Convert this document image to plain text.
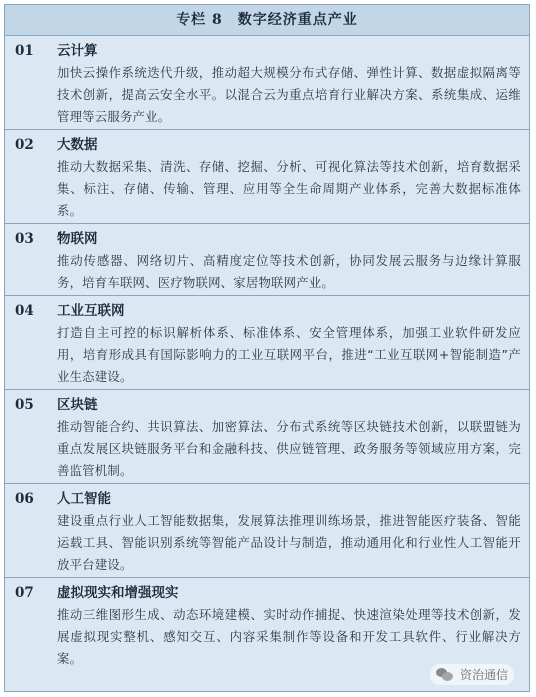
专栏 8　数字经济重点产业
01 云计算
加快云操作系统迭代升级，推动超大规模分布式存储、弹性计算、数据虚拟隔离等技术创新，提高云安全水平。以混合云为重点培育行业解决方案、系统集成、运维管理等云服务产业。
02 大数据
推动大数据采集、清洗、存储、挖掘、分析、可视化算法等技术创新，培育数据采集、标注、存储、传输、管理、应用等全生命周期产业体系，完善大数据标准体系。
03 物联网
推动传感器、网络切片、高精度定位等技术创新，协同发展云服务与边缘计算服务，培育车联网、医疗物联网、家居物联网产业。
04 工业互联网
打造自主可控的标识解析体系、标准体系、安全管理体系，加强工业软件研发应用，培育形成具有国际影响力的工业互联网平台，推进“工业互联网+智能制造”产业生态建设。
05 区块链
推动智能合约、共识算法、加密算法、分布式系统等区块链技术创新，以联盟链为重点发展区块链服务平台和金融科技、供应链管理、政务服务等领域应用方案，完善监管机制。
06 人工智能
建设重点行业人工智能数据集，发展算法推理训练场景，推进智能医疗装备、智能运载工具、智能识别系统等智能产品设计与制造，推动通用化和行业性人工智能开放平台建设。
07 虚拟现实和增强现实
推动三维图形生成、动态环境建模、实时动作捕捉、快速渲染处理等技术创新，发展虚拟现实整机、感知交互、内容采集制作等设备和开发工具软件、行业解决方案。
资治通信
